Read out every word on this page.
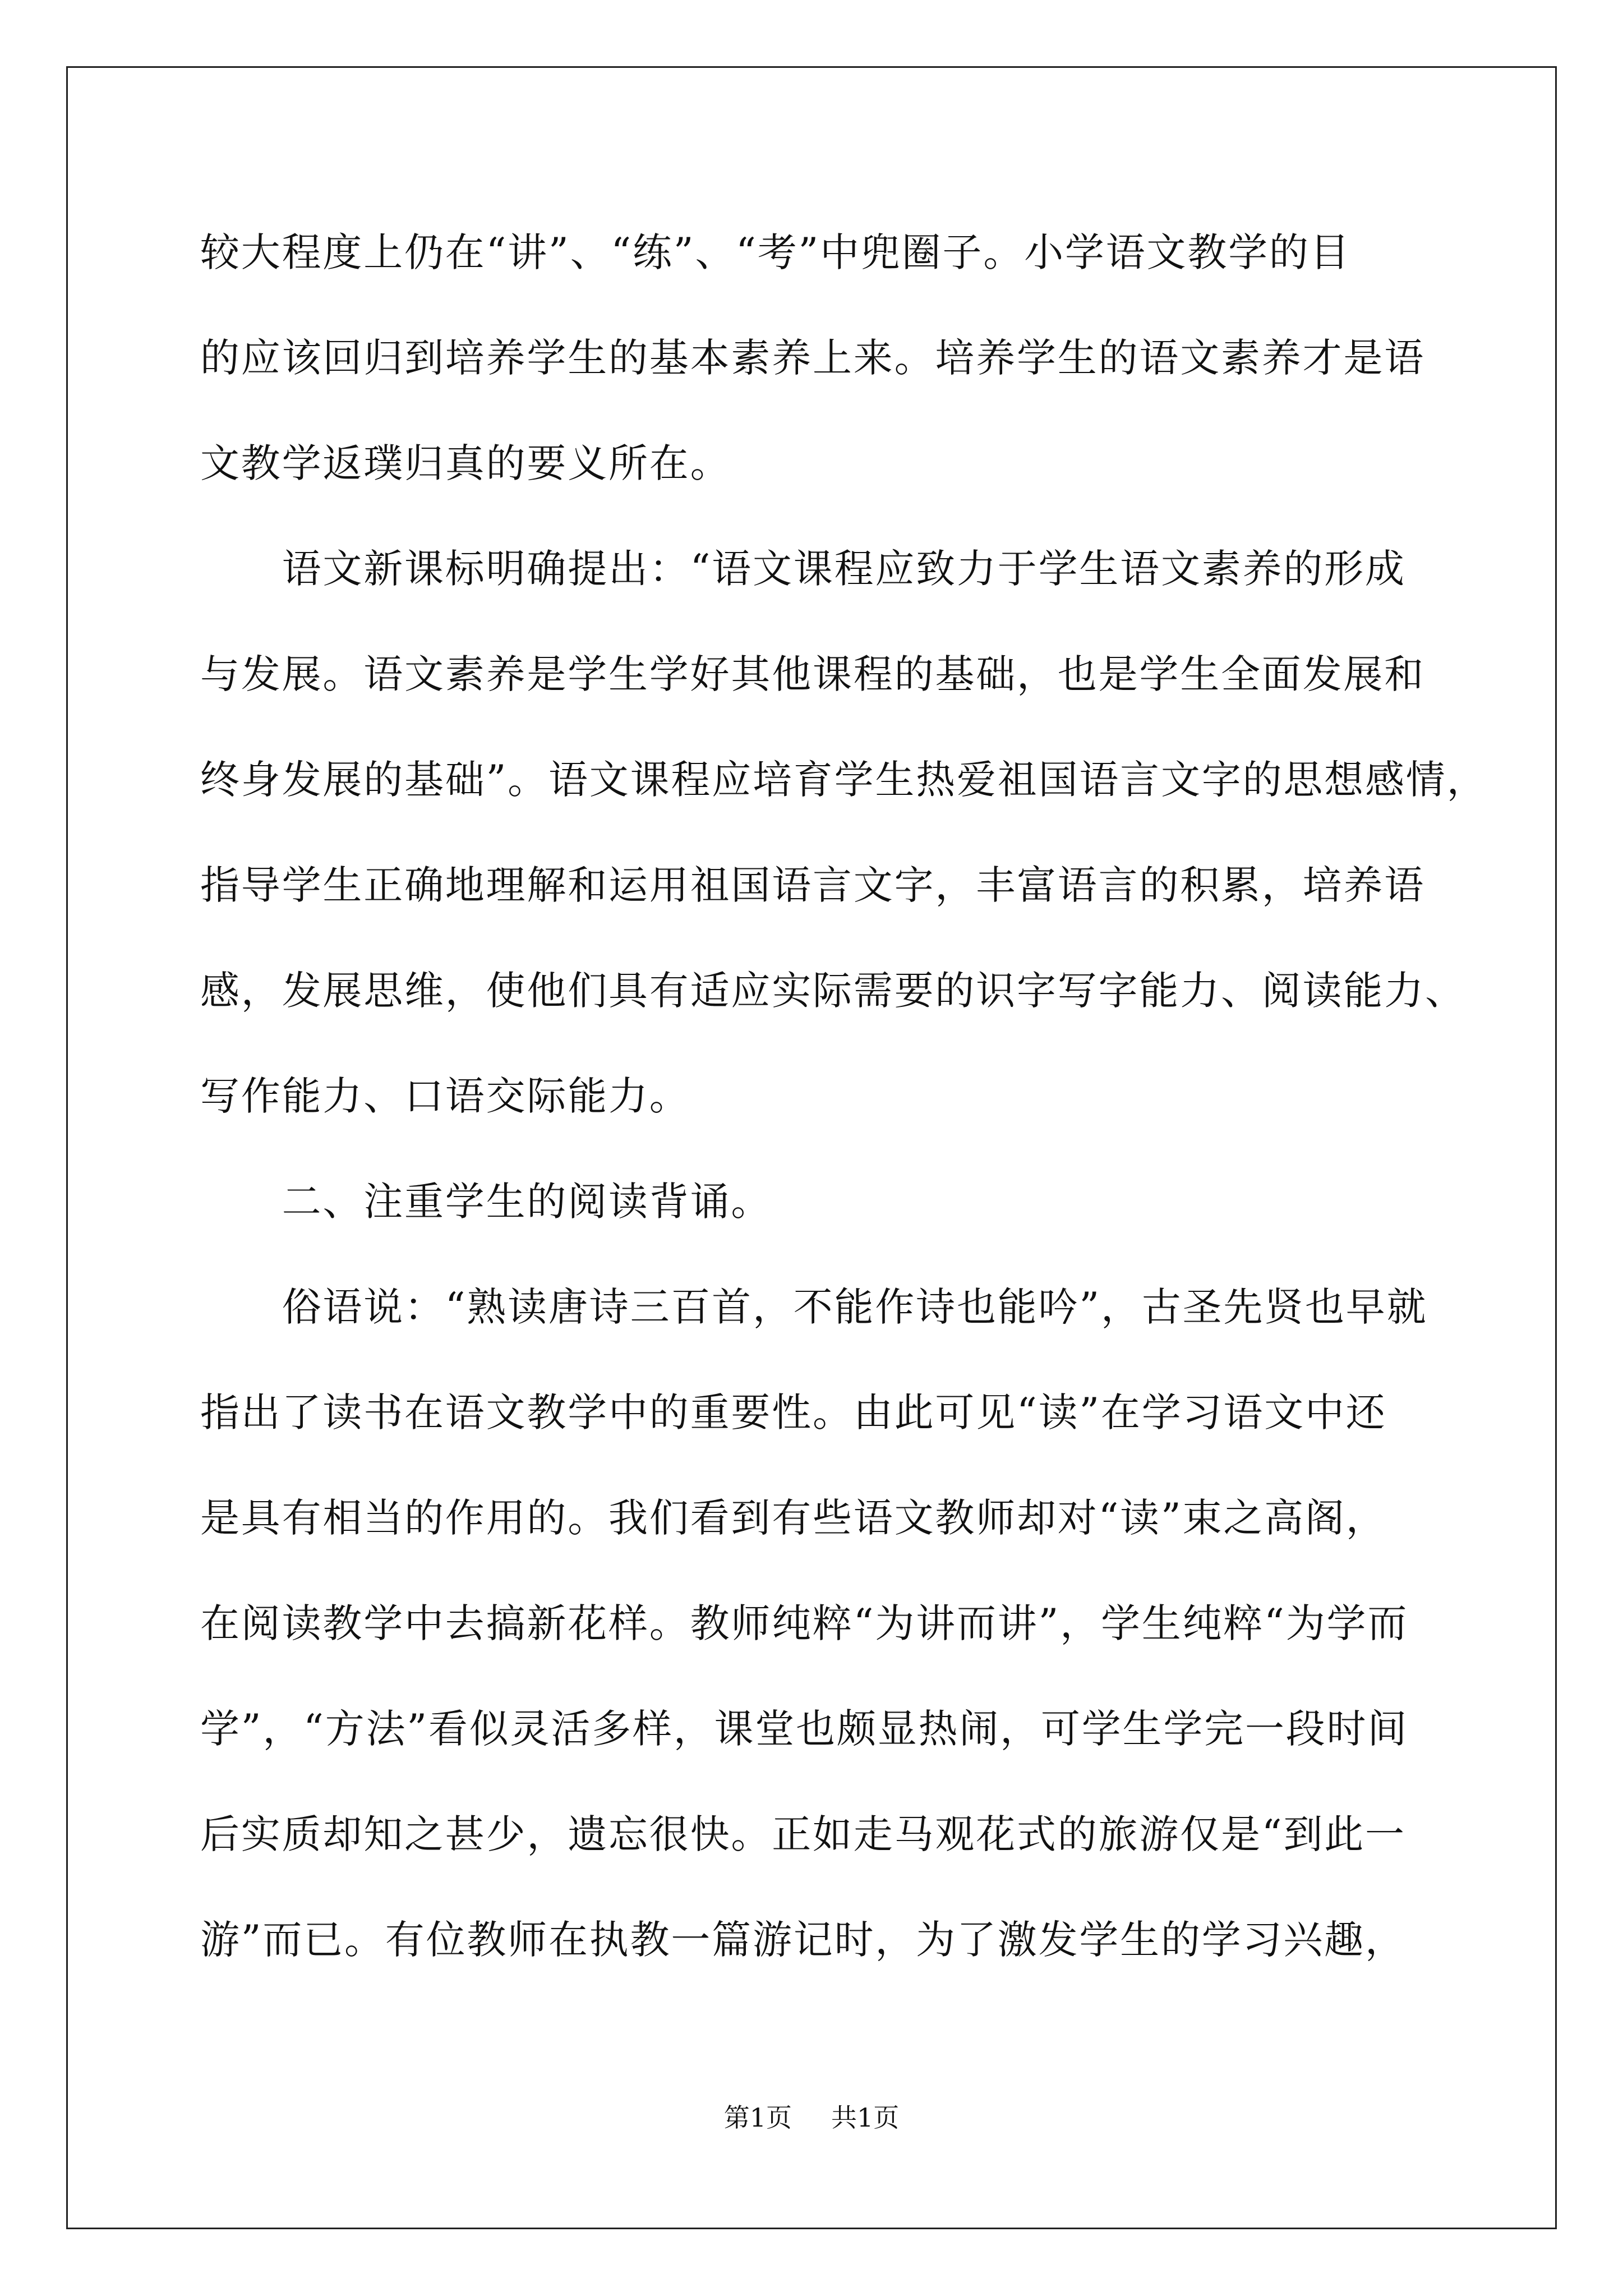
较大程度上仍在“讲”、“练”、“考”中兜圈子。小学语文教学的目
的应该回归到培养学生的基本素养上来。培养学生的语文素养才是语
文教学返璞归真的要义所在。
　　语文新课标明确提出：“语文课程应致力于学生语文素养的形成
与发展。语文素养是学生学好其他课程的基础，也是学生全面发展和
终身发展的基础”。语文课程应培育学生热爱祖国语言文字的思想感情，
指导学生正确地理解和运用祖国语言文字，丰富语言的积累，培养语
感，发展思维，使他们具有适应实际需要的识字写字能力、阅读能力、
写作能力、口语交际能力。
　　二、注重学生的阅读背诵。
　　俗语说：“熟读唐诗三百首，不能作诗也能吟”，古圣先贤也早就
指出了读书在语文教学中的重要性。由此可见“读”在学习语文中还
是具有相当的作用的。我们看到有些语文教师却对“读”束之高阁，
在阅读教学中去搞新花样。教师纯粹“为讲而讲”，学生纯粹“为学而
学”，“方法”看似灵活多样，课堂也颇显热闹，可学生学完一段时间
后实质却知之甚少，遗忘很快。正如走马观花式的旅游仅是“到此一
游”而已。有位教师在执教一篇游记时，为了激发学生的学习兴趣，
第1页 共1页
